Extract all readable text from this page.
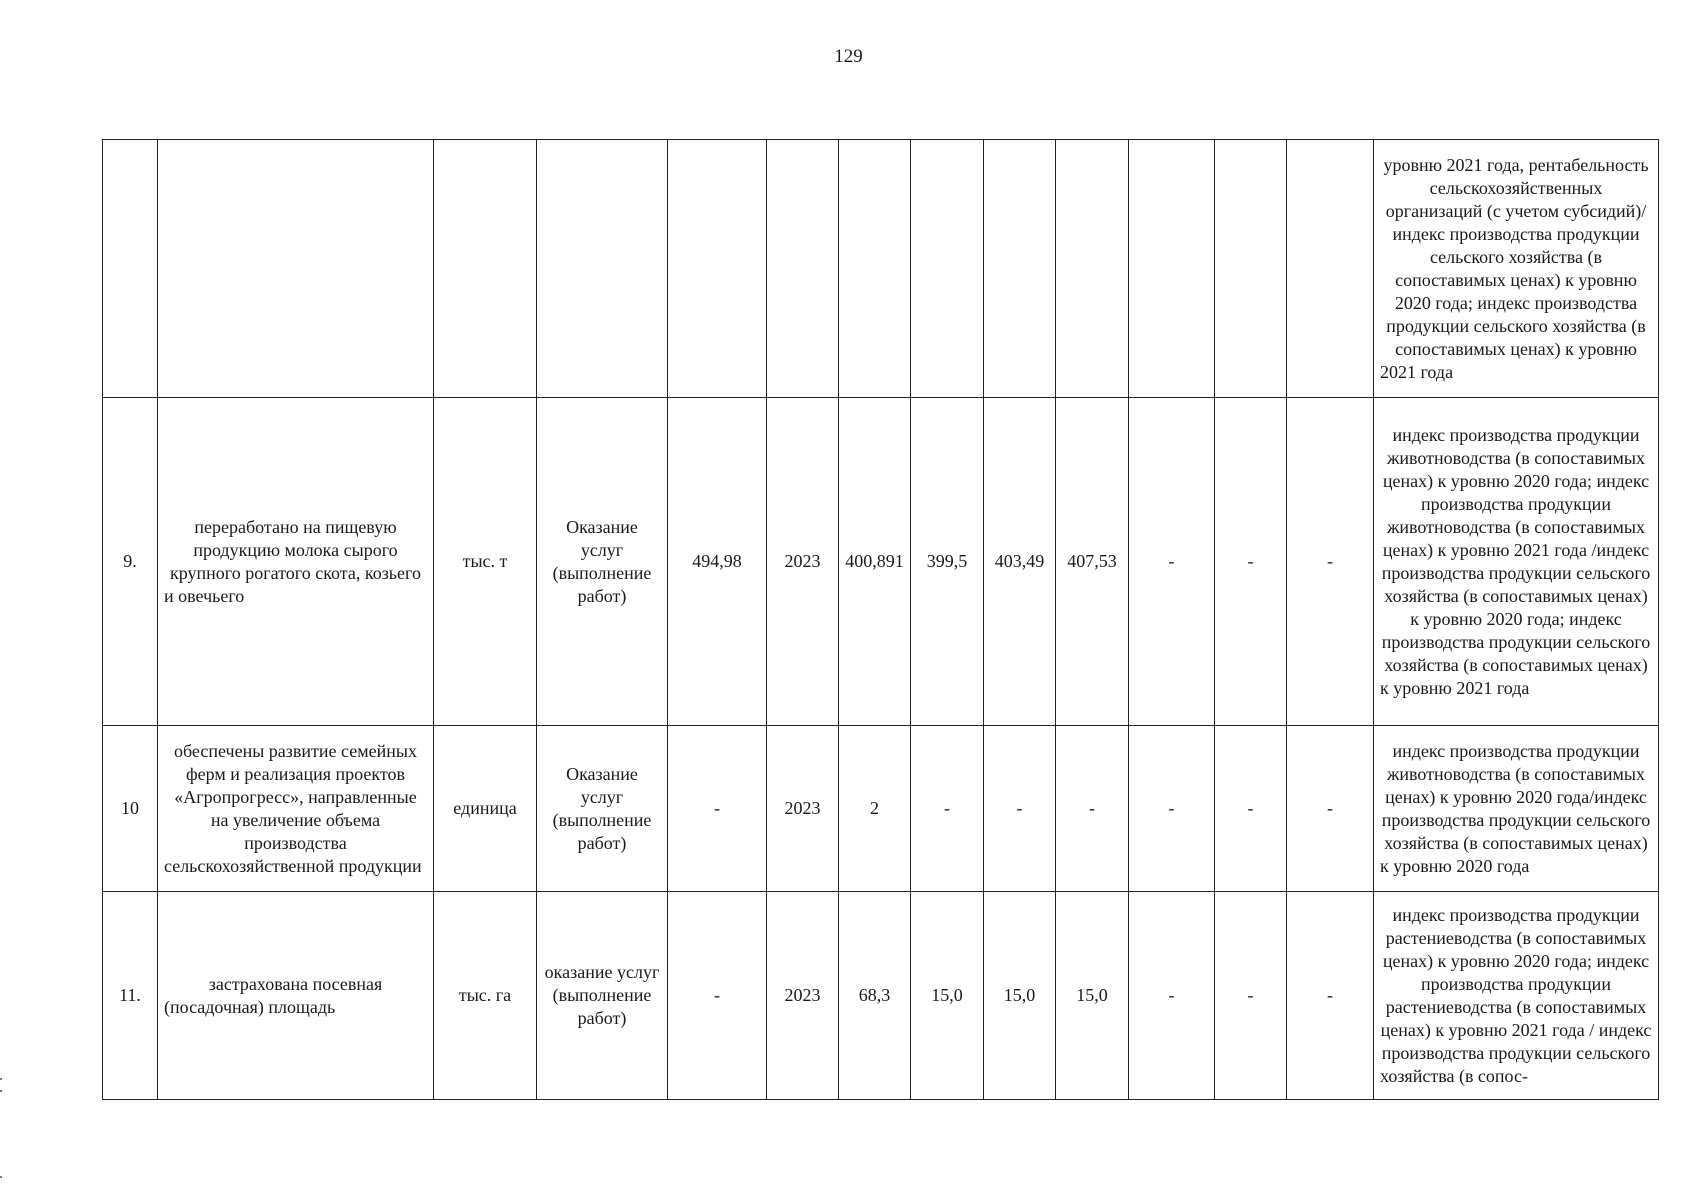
129
													уровню 2021 года, рентабельность сельскохозяйственных организаций (с учетом субсидий)/индекс производства продукции сельского хозяйства (в сопоставимых ценах) к уровню 2020 года; индекс производства продукции сельского хозяйства (в сопоставимых ценах) к уровню 2021 года
9.	переработано на пищевую продукцию молока сырого крупного рогатого скота, козьего и овечьего	тыс. т	Оказание услуг (выполнение работ)	494,98	2023	400,891	399,5	403,49	407,53	-	-	-	индекс производства продукции животноводства (в сопоставимых ценах) к уровню 2020 года; индекс производства продукции животноводства (в сопоставимых ценах) к уровню 2021 года /индекс производства продукции сельского хозяйства (в сопоставимых ценах) к уровню 2020 года; индекс производства продукции сельского хозяйства (в сопоставимых ценах) к уровню 2021 года
10	обеспечены развитие семейных ферм и реализация проектов «Агропрогресс», направленные на увеличение объема производства сельскохозяйственной продукции	единица	Оказание услуг (выполнение работ)	-	2023	2	-	-	-	-	-	-	индекс производства продукции животноводства (в сопоставимых ценах) к уровню 2020 года/индекс производства продукции сельского хозяйства (в сопоставимых ценах) к уровню 2020 года
11.	застрахована посевная (посадочная) площадь	тыс. га	оказание услуг (выполнение работ)	-	2023	68,3	15,0	15,0	15,0	-	-	-	индекс производства продукции растениеводства (в сопоставимых ценах) к уровню 2020 года; индекс производства продукции растениеводства (в сопоставимых ценах) к уровню 2021 года / индекс производства продукции сельского хозяйства (в сопос-
